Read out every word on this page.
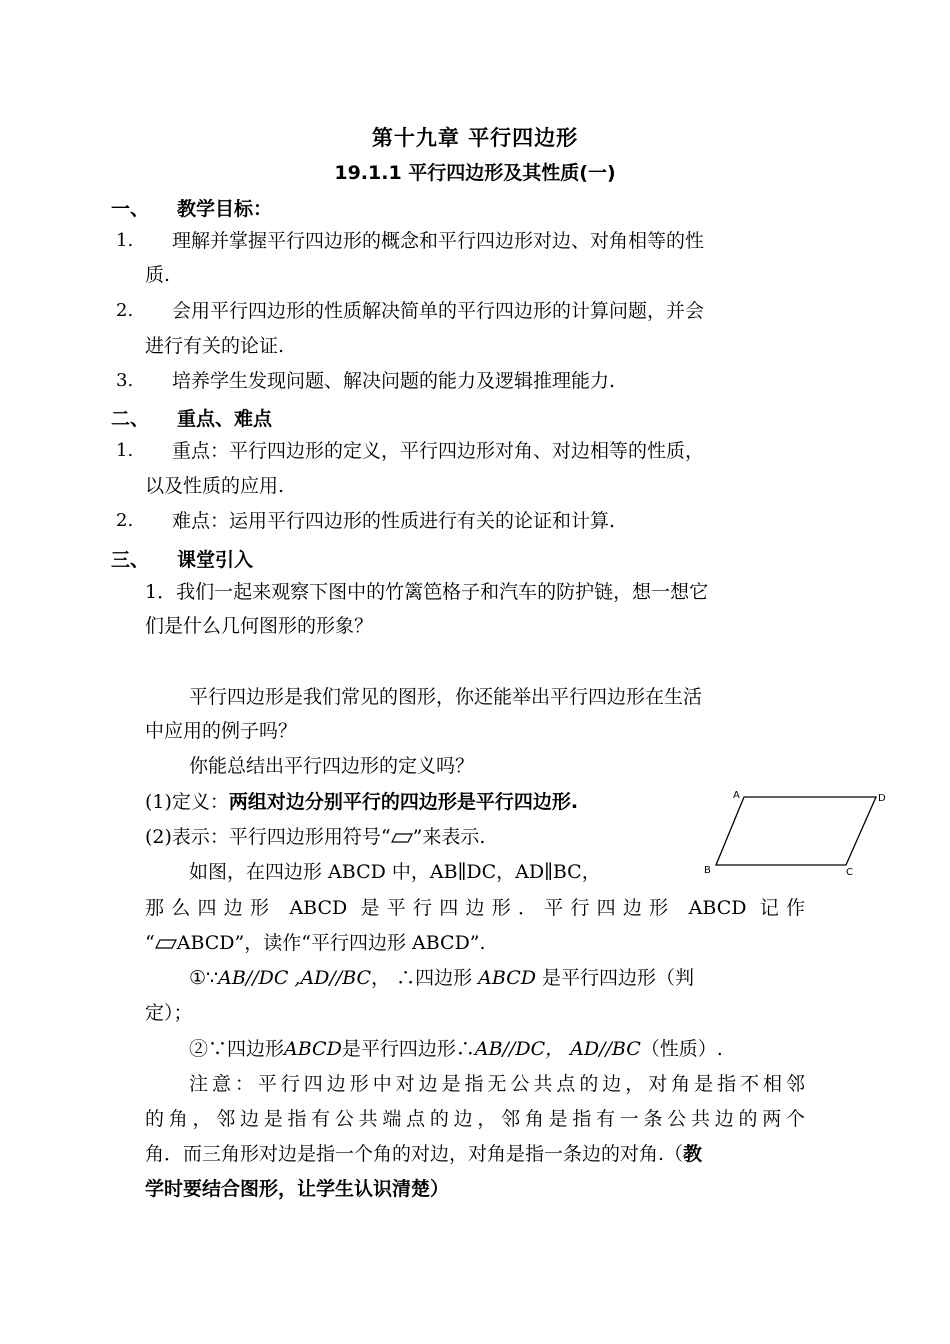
第十九章 平行四边形
19.1.1 平行四边形及其性质(一)
一、 教学目标：
1. 理解并掌握平行四边形的概念和平行四边形对边、对角相等的性
质.
2. 会用平行四边形的性质解决简单的平行四边形的计算问题，并会
进行有关的论证.
3. 培养学生发现问题、解决问题的能力及逻辑推理能力.
二、 重点、难点
1. 重点：平行四边形的定义，平行四边形对角、对边相等的性质，
以及性质的应用.
2. 难点：运用平行四边形的性质进行有关的论证和计算.
三、 课堂引入
1．我们一起来观察下图中的竹篱笆格子和汽车的防护链，想一想它
们是什么几何图形的形象？
平行四边形是我们常见的图形，你还能举出平行四边形在生活
中应用的例子吗？
你能总结出平行四边形的定义吗？
(1)定义：两组对边分别平行的四边形是平行四边形.
(2)表示：平行四边形用符号“ ”来表示.
如图，在四边形 ABCD 中，AB∥DC，AD∥BC，
那么四边形 ABCD 是平行四边形．平行四边形 ABCD 记作
“ ABCD”，读作“平行四边形 ABCD”.
①∵AB//DC ,AD//BC， ∴四边形 ABCD 是平行四边形（判
定）；
②∵四边形ABCD是平行四边形∴AB//DC， AD//BC（性质）.
注意：平行四边形中对边是指无公共点的边，对角是指不相邻
的角，邻边是指有公共端点的边，邻角是指有一条公共边的两个
角．而三角形对边是指一个角的对边，对角是指一条边的对角.（教
学时要结合图形，让学生认识清楚）
A	D
B	C
